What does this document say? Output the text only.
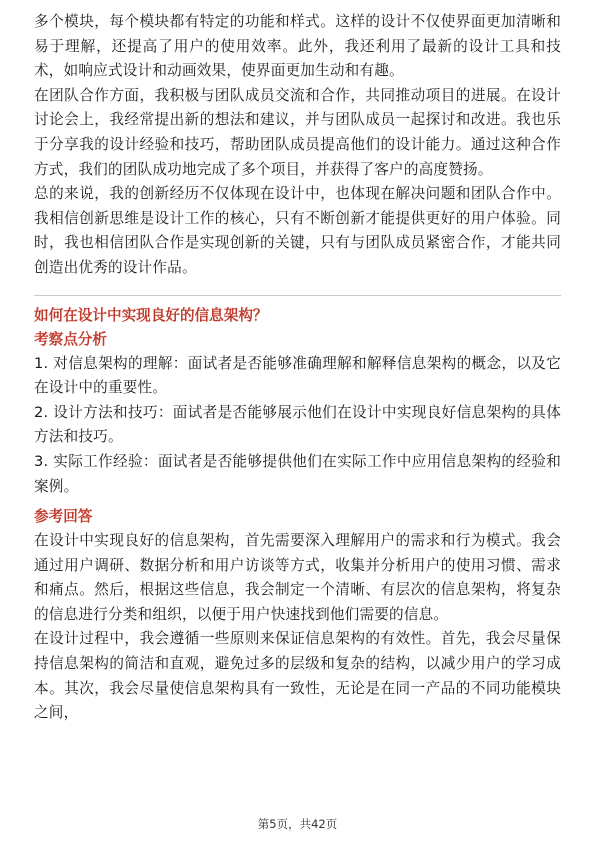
多个模块，每个模块都有特定的功能和样式。这样的设计不仅使界面更加清晰和易于理解，还提高了用户的使用效率。此外，我还利用了最新的设计工具和技术，如响应式设计和动画效果，使界面更加生动和有趣。

在团队合作方面，我积极与团队成员交流和合作，共同推动项目的进展。在设计讨论会上，我经常提出新的想法和建议，并与团队成员一起探讨和改进。我也乐于分享我的设计经验和技巧，帮助团队成员提高他们的设计能力。通过这种合作方式，我们的团队成功地完成了多个项目，并获得了客户的高度赞扬。

总的来说，我的创新经历不仅体现在设计中，也体现在解决问题和团队合作中。我相信创新思维是设计工作的核心，只有不断创新才能提供更好的用户体验。同时，我也相信团队合作是实现创新的关键，只有与团队成员紧密合作，才能共同创造出优秀的设计作品。

如何在设计中实现良好的信息架构？

考察点分析

1. 对信息架构的理解：面试者是否能够准确理解和解释信息架构的概念，以及它在设计中的重要性。

2. 设计方法和技巧：面试者是否能够展示他们在设计中实现良好信息架构的具体方法和技巧。

3. 实际工作经验：面试者是否能够提供他们在实际工作中应用信息架构的经验和案例。

参考回答

在设计中实现良好的信息架构，首先需要深入理解用户的需求和行为模式。我会通过用户调研、数据分析和用户访谈等方式，收集并分析用户的使用习惯、需求和痛点。然后，根据这些信息，我会制定一个清晰、有层次的信息架构，将复杂的信息进行分类和组织，以便于用户快速找到他们需要的信息。

在设计过程中，我会遵循一些原则来保证信息架构的有效性。首先，我会尽量保持信息架构的简洁和直观，避免过多的层级和复杂的结构，以减少用户的学习成本。其次，我会尽量使信息架构具有一致性，无论是在同一产品的不同功能模块之间，

第5页，共42页
